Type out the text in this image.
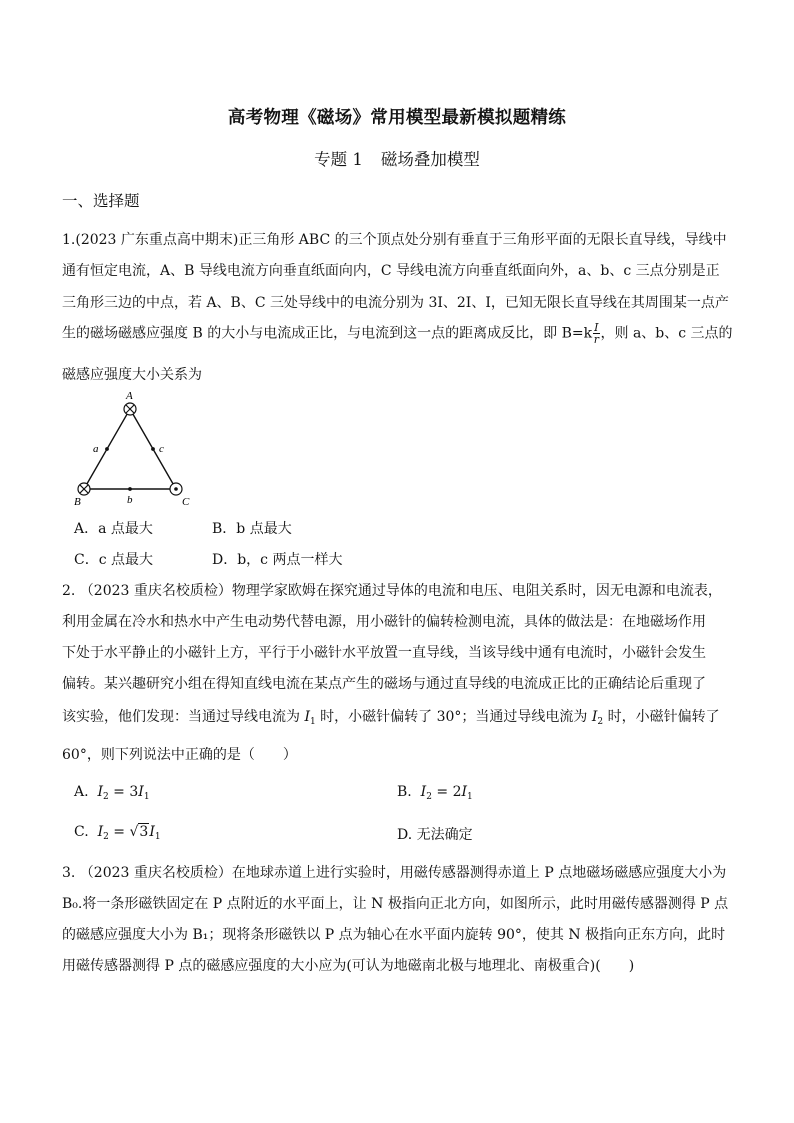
高考物理《磁场》常用模型最新模拟题精练
专题 1 磁场叠加模型
一、选择题
1.(2023 广东重点高中期末)正三角形 ABC 的三个顶点处分别有垂直于三角形平面的无限长直导线，导线中
通有恒定电流，A、B 导线电流方向垂直纸面向内，C 导线电流方向垂直纸面向外，a、b、c 三点分别是正
三角形三边的中点，若 A、B、C 三处导线中的电流分别为 3I、2I、I，已知无限长直导线在其周围某一点产
生的磁场磁感应强度 B 的大小与电流成正比，与电流到这一点的距离成反比，即 $B=k \frac{I}{r}$ ，则 a、b、c 三点的
磁感应强度大小关系为
A
B	C
a	c
b
A．a 点最大	B．b 点最大
C．c 点最大	D．b，c 两点一样大
2. （2023 重庆名校质检）物理学家欧姆在探究通过导体的电流和电压、电阻关系时，因无电源和电流表，
利用金属在冷水和热水中产生电动势代替电源，用小磁针的偏转检测电流，具体的做法是：在地磁场作用
下处于水平静止的小磁针上方，平行于小磁针水平放置一直导线，当该导线中通有电流时，小磁针会发生
偏转。某兴趣研究小组在得知直线电流在某点产生的磁场与通过直导线的电流成正比的正确结论后重现了
该实验，他们发现：当通过导线电流为 $I_1$ 时，小磁针偏转了 30°；当通过导线电流为 $I_2$ 时，小磁针偏转了
60°，则下列说法中正确的是（　　）
A. $I_2 = 3I_1$	B. $I_2 = 2I_1$
C. $I_2 = √3I_1$	D. 无法确定
3. （2023 重庆名校质检）在地球赤道上进行实验时，用磁传感器测得赤道上 P 点地磁场磁感应强度大小为
B₀.将一条形磁铁固定在 P 点附近的水平面上，让 N 极指向正北方向，如图所示，此时用磁传感器测得 P 点
的磁感应强度大小为 B₁；现将条形磁铁以 P 点为轴心在水平面内旋转 90°，使其 N 极指向正东方向，此时
用磁传感器测得 P 点的磁感应强度的大小应为(可认为地磁南北极与地理北、南极重合)(　　)
